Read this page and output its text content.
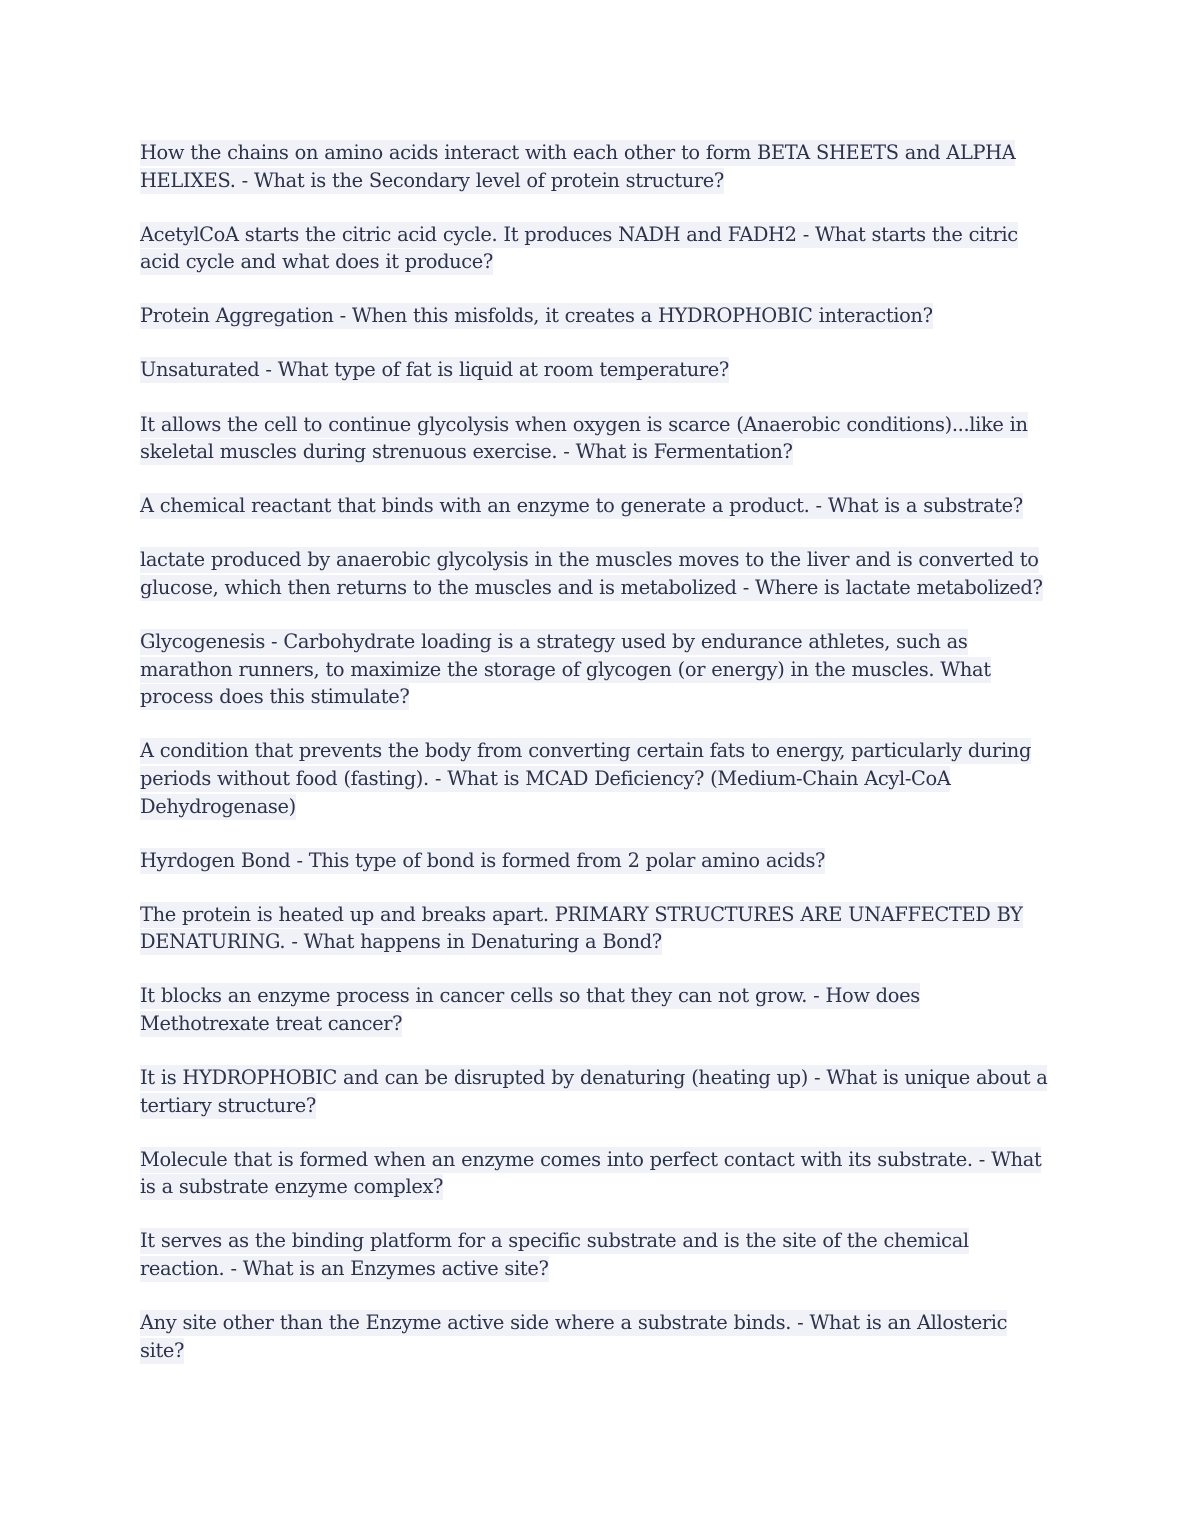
How the chains on amino acids interact with each other to form BETA SHEETS and ALPHA HELIXES. - What is the Secondary level of protein structure?

AcetylCoA starts the citric acid cycle. It produces NADH and FADH2 - What starts the citric acid cycle and what does it produce?

Protein Aggregation - When this misfolds, it creates a HYDROPHOBIC interaction?

Unsaturated - What type of fat is liquid at room temperature?

It allows the cell to continue glycolysis when oxygen is scarce (Anaerobic conditions)...like in skeletal muscles during strenuous exercise. - What is Fermentation?

A chemical reactant that binds with an enzyme to generate a product. - What is a substrate?

lactate produced by anaerobic glycolysis in the muscles moves to the liver and is converted to glucose, which then returns to the muscles and is metabolized - Where is lactate metabolized?

Glycogenesis - Carbohydrate loading is a strategy used by endurance athletes, such as marathon runners, to maximize the storage of glycogen (or energy) in the muscles. What process does this stimulate?

A condition that prevents the body from converting certain fats to energy, particularly during periods without food (fasting). - What is MCAD Deficiency? (Medium-Chain Acyl-CoA Dehydrogenase)

Hyrdogen Bond - This type of bond is formed from 2 polar amino acids?

The protein is heated up and breaks apart. PRIMARY STRUCTURES ARE UNAFFECTED BY DENATURING. - What happens in Denaturing a Bond?

It blocks an enzyme process in cancer cells so that they can not grow. - How does Methotrexate treat cancer?

It is HYDROPHOBIC and can be disrupted by denaturing (heating up) - What is unique about a tertiary structure?

Molecule that is formed when an enzyme comes into perfect contact with its substrate. - What is a substrate enzyme complex?

It serves as the binding platform for a specific substrate and is the site of the chemical reaction. - What is an Enzymes active site?

Any site other than the Enzyme active side where a substrate binds. - What is an Allosteric site?
